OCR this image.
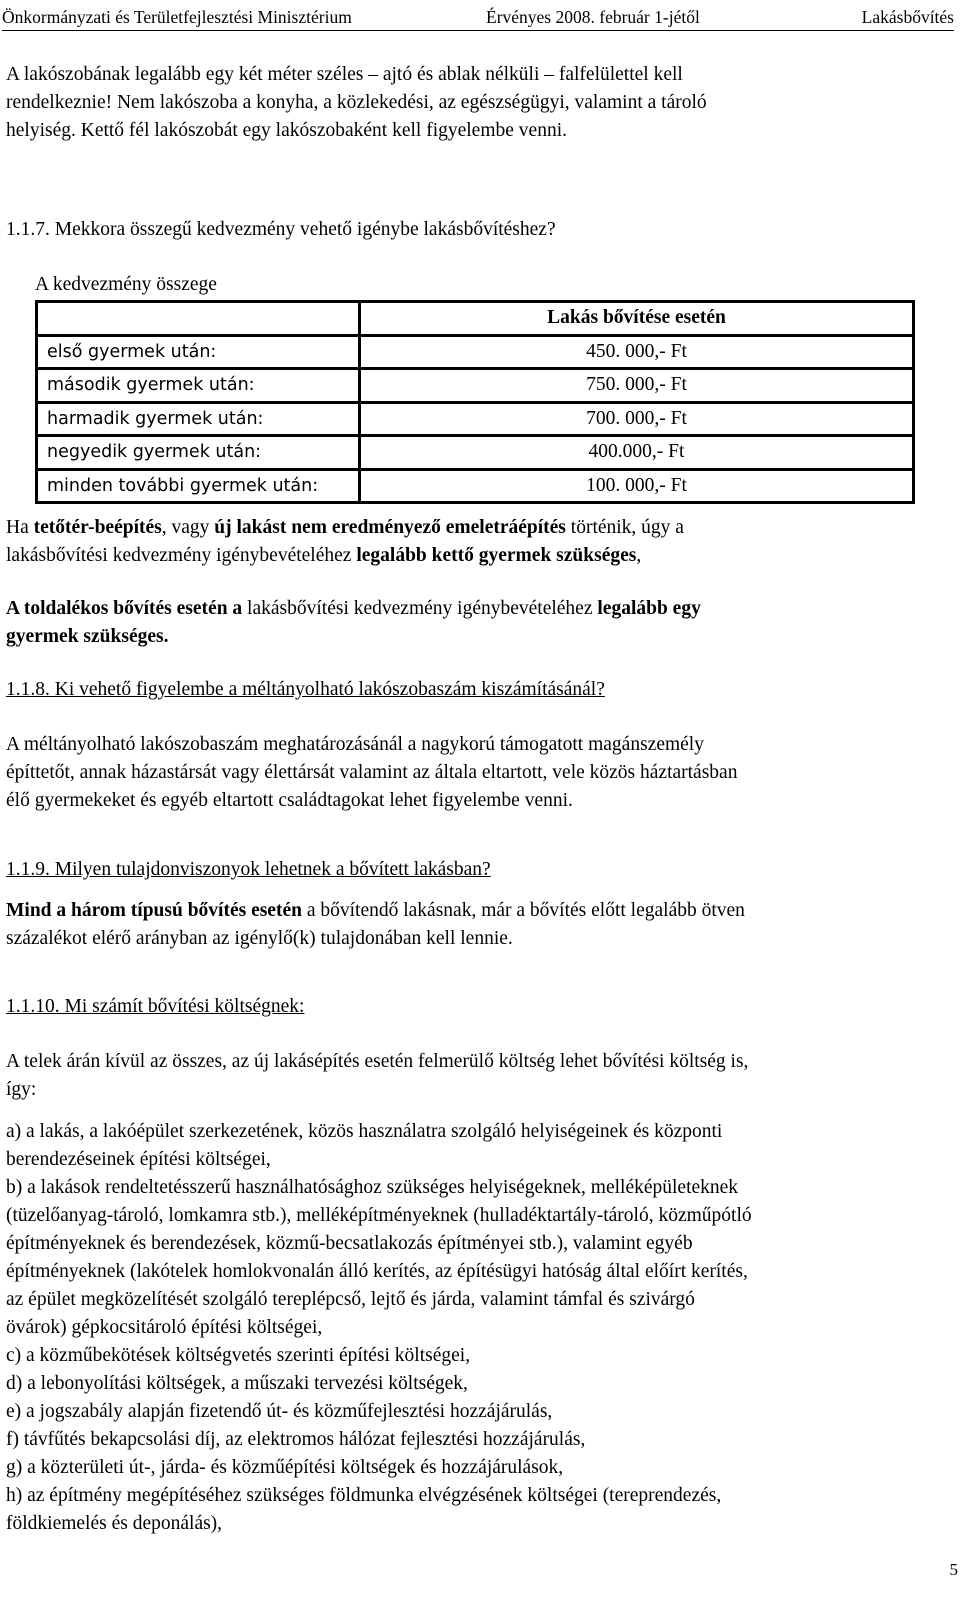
Önkormányzati és Területfejlesztési Minisztérium	Érvényes 2008. február 1-jétől	Lakásbővítés
A lakószobának legalább egy két méter széles – ajtó és ablak nélküli – falfelülettel kell
rendelkeznie! Nem lakószoba a konyha, a közlekedési, az egészségügyi, valamint a tároló
helyiség. Kettő fél lakószobát egy lakószobaként kell figyelembe venni.
1.1.7. Mekkora összegű kedvezmény vehető igénybe lakásbővítéshez?
A kedvezmény összege
	Lakás bővítése esetén
első gyermek után:	450. 000,- Ft
második gyermek után:	750. 000,- Ft
harmadik gyermek után:	700. 000,- Ft
negyedik gyermek után:	400.000,- Ft
minden további gyermek után:	100. 000,- Ft
Ha tetőtér-beépítés, vagy új lakást nem eredményező emeletráépítés történik, úgy a
lakásbővítési kedvezmény igénybevételéhez legalább kettő gyermek szükséges,
A toldalékos bővítés esetén a lakásbővítési kedvezmény igénybevételéhez legalább egy
gyermek szükséges.
1.1.8. Ki vehető figyelembe a méltányolható lakószobaszám kiszámításánál?
A méltányolható lakószobaszám meghatározásánál a nagykorú támogatott magánszemély
építtetőt, annak házastársát vagy élettársát valamint az általa eltartott, vele közös háztartásban
élő gyermekeket és egyéb eltartott családtagokat lehet figyelembe venni.
1.1.9. Milyen tulajdonviszonyok lehetnek a bővített lakásban?
Mind a három típusú bővítés esetén a bővítendő lakásnak, már a bővítés előtt legalább ötven
százalékot elérő arányban az igénylő(k) tulajdonában kell lennie.
1.1.10. Mi számít bővítési költségnek:
A telek árán kívül az összes, az új lakásépítés esetén felmerülő költség lehet bővítési költség is,
így:
a) a lakás, a lakóépület szerkezetének, közös használatra szolgáló helyiségeinek és központi
berendezéseinek építési költségei,
b) a lakások rendeltetésszerű használhatósághoz szükséges helyiségeknek, melléképületeknek
(tüzelőanyag-tároló, lomkamra stb.), melléképítményeknek (hulladéktartály-tároló, közműpótló
építményeknek és berendezések, közmű-becsatlakozás építményei stb.), valamint egyéb
építményeknek (lakótelek homlokvonalán álló kerítés, az építésügyi hatóság által előírt kerítés,
az épület megközelítését szolgáló tereplépcső, lejtő és járda, valamint támfal és szivárgó
övárok) gépkocsitároló építési költségei,
c) a közműbekötések költségvetés szerinti építési költségei,
d) a lebonyolítási költségek, a műszaki tervezési költségek,
e) a jogszabály alapján fizetendő út- és közműfejlesztési hozzájárulás,
f) távfűtés bekapcsolási díj, az elektromos hálózat fejlesztési hozzájárulás,
g) a közterületi út-, járda- és közműépítési költségek és hozzájárulások,
h) az építmény megépítéséhez szükséges földmunka elvégzésének költségei (tereprendezés,
földkiemelés és deponálás),
5
